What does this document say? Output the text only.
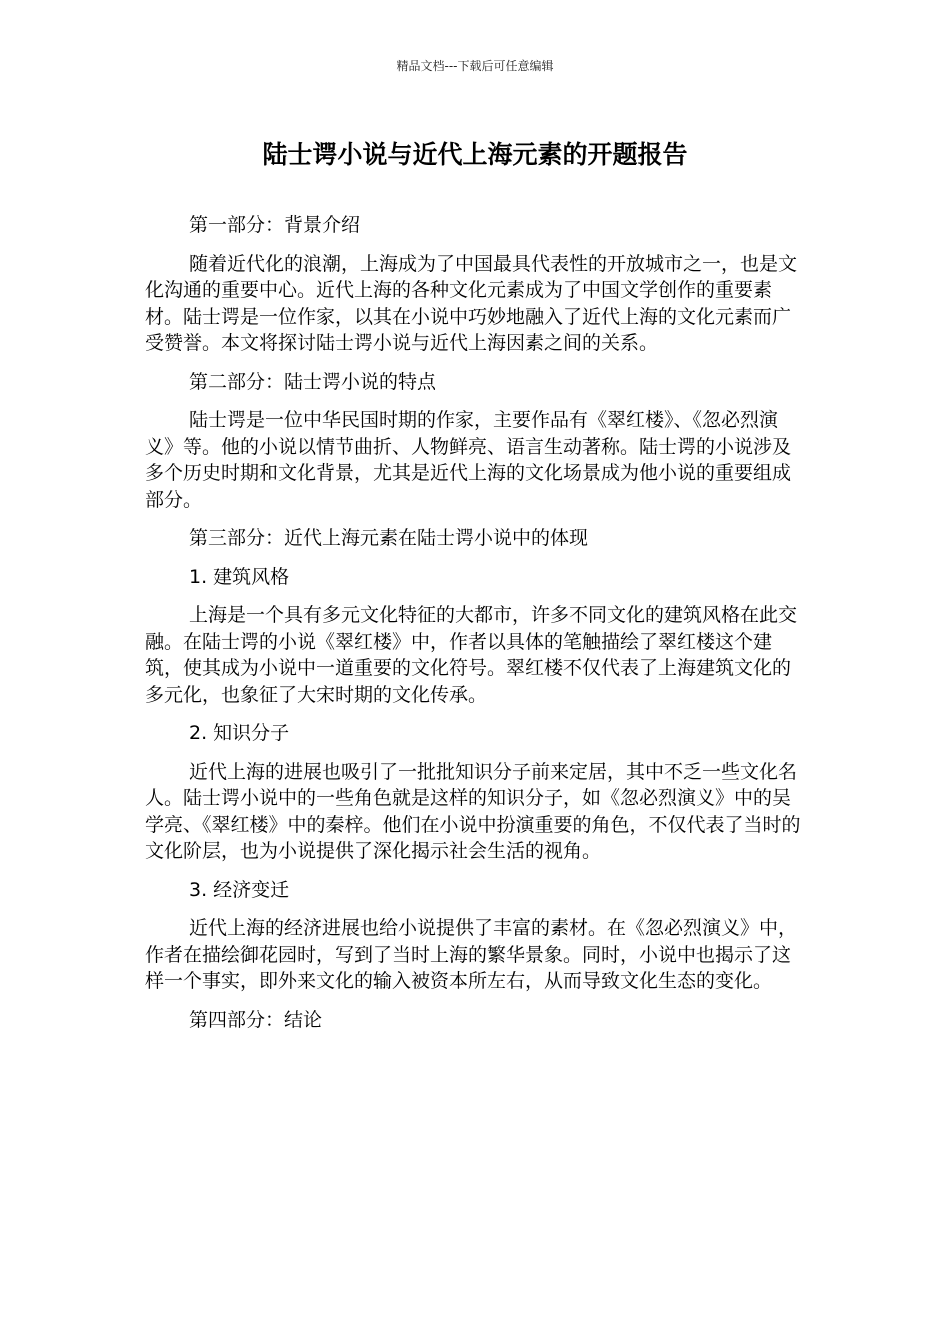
精品文档---下载后可任意编辑
陆士谔小说与近代上海元素的开题报告

第一部分：背景介绍

随着近代化的浪潮，上海成为了中国最具代表性的开放城市之一，也是文化沟通的重要中心。近代上海的各种文化元素成为了中国文学创作的重要素材。陆士谔是一位作家，以其在小说中巧妙地融入了近代上海的文化元素而广受赞誉。本文将探讨陆士谔小说与近代上海因素之间的关系。

第二部分：陆士谔小说的特点

陆士谔是一位中华民国时期的作家，主要作品有《翠红楼》、《忽必烈演义》等。他的小说以情节曲折、人物鲜亮、语言生动著称。陆士谔的小说涉及多个历史时期和文化背景，尤其是近代上海的文化场景成为他小说的重要组成部分。

第三部分：近代上海元素在陆士谔小说中的体现

1. 建筑风格

上海是一个具有多元文化特征的大都市，许多不同文化的建筑风格在此交融。在陆士谔的小说《翠红楼》中，作者以具体的笔触描绘了翠红楼这个建筑，使其成为小说中一道重要的文化符号。翠红楼不仅代表了上海建筑文化的多元化，也象征了大宋时期的文化传承。

2. 知识分子

近代上海的进展也吸引了一批批知识分子前来定居，其中不乏一些文化名人。陆士谔小说中的一些角色就是这样的知识分子，如《忽必烈演义》中的吴学亮、《翠红楼》中的秦梓。他们在小说中扮演重要的角色，不仅代表了当时的文化阶层，也为小说提供了深化揭示社会生活的视角。

3. 经济变迁

近代上海的经济进展也给小说提供了丰富的素材。在《忽必烈演义》中，作者在描绘御花园时，写到了当时上海的繁华景象。同时，小说中也揭示了这样一个事实，即外来文化的输入被资本所左右，从而导致文化生态的变化。

第四部分：结论
